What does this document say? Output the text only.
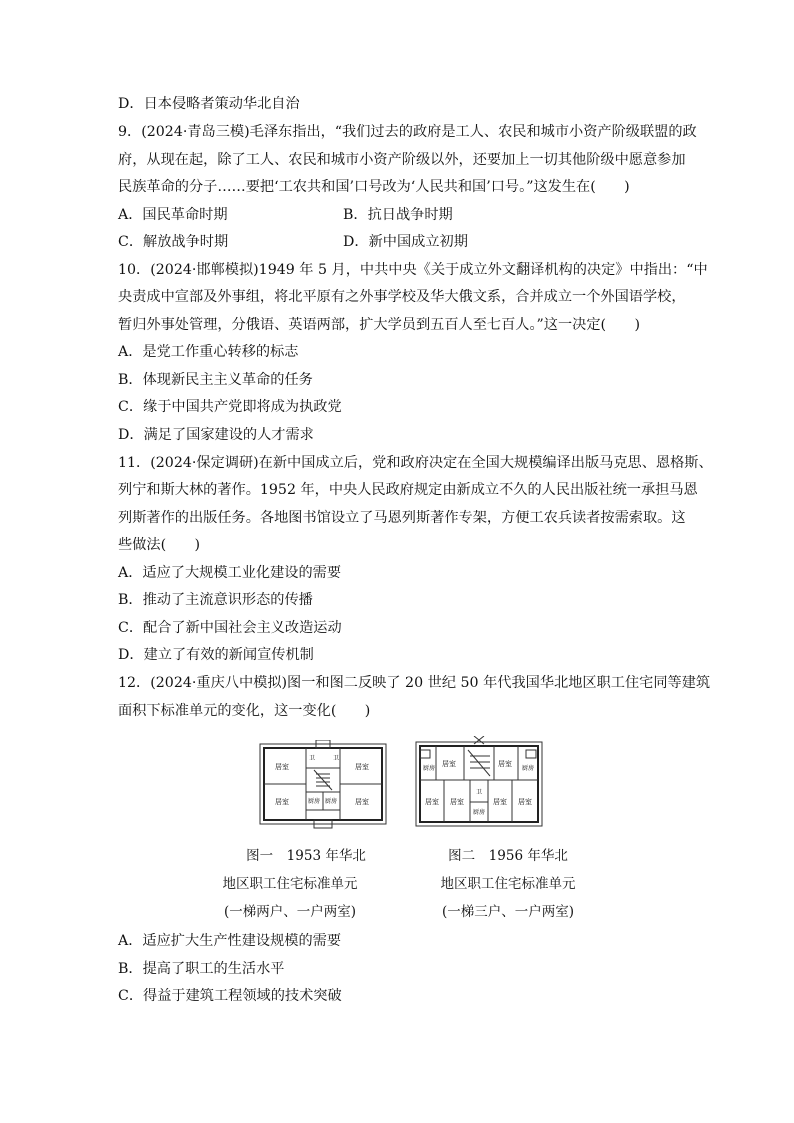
D．日本侵略者策动华北自治
9．(2024·青岛三模)毛泽东指出，“我们过去的政府是工人、农民和城市小资产阶级联盟的政
府，从现在起，除了工人、农民和城市小资产阶级以外，还要加上一切其他阶级中愿意参加
民族革命的分子……要把‘工农共和国’口号改为‘人民共和国’口号。”这发生在(　　)
A．国民革命时期	B．抗日战争时期
C．解放战争时期	D．新中国成立初期
10．(2024·邯郸模拟)1949 年 5 月，中共中央《关于成立外文翻译机构的决定》中指出：“中
央责成中宣部及外事组，将北平原有之外事学校及华大俄文系，合并成立一个外国语学校，
暂归外事处管理，分俄语、英语两部，扩大学员到五百人至七百人。”这一决定(　　)
A．是党工作重心转移的标志
B．体现新民主主义革命的任务
C．缘于中国共产党即将成为执政党
D．满足了国家建设的人才需求
11．(2024·保定调研)在新中国成立后，党和政府决定在全国大规模编译出版马克思、恩格斯、
列宁和斯大林的著作。1952 年，中央人民政府规定由新成立不久的人民出版社统一承担马恩
列斯著作的出版任务。各地图书馆设立了马恩列斯著作专架，方便工农兵读者按需索取。这
些做法(　　)
A．适应了大规模工业化建设的需要
B．推动了主流意识形态的传播
C．配合了新中国社会主义改造运动
D．建立了有效的新闻宣传机制
12．(2024·重庆八中模拟)图一和图二反映了 20 世纪 50 年代我国华北地区职工住宅同等建筑
面积下标准单元的变化，这一变化(　　)
居室	居室
居室	居室
厨房 厨房
卫	卫
厨房
居室	居室
厨房
居室 居室
厨房
卫
居室 居室
图一　1953 年华北
地区职工住宅标准单元
(一梯两户、一户两室)
图二　1956 年华北
地区职工住宅标准单元
(一梯三户、一户两室)
A．适应扩大生产性建设规模的需要
B．提高了职工的生活水平
C．得益于建筑工程领域的技术突破
